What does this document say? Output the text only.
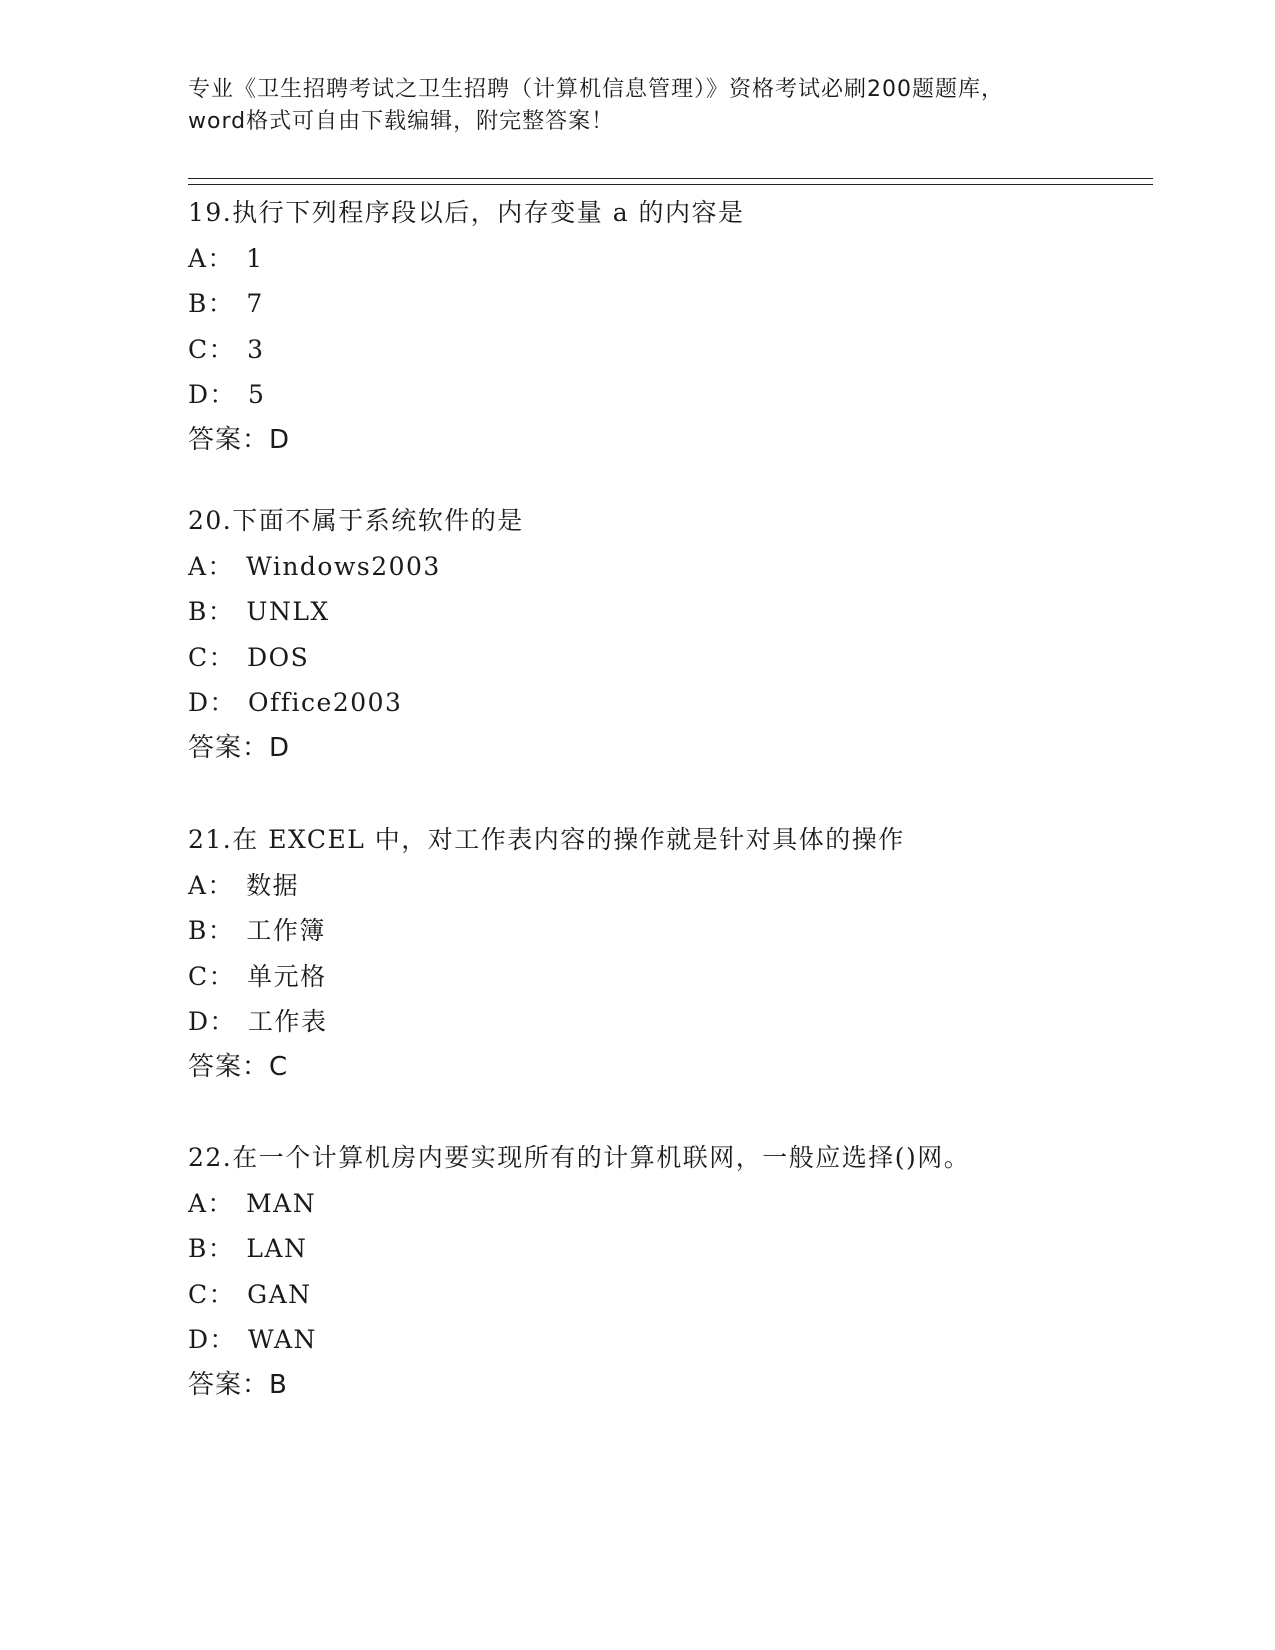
专业《卫生招聘考试之卫生招聘（计算机信息管理）》资格考试必刷200题题库，
word格式可自由下载编辑，附完整答案！
19.执行下列程序段以后，内存变量 a 的内容是
A： 1
B： 7
C： 3
D： 5
答案：D
20.下面不属于系统软件的是
A： Windows2003
B： UNLX
C： DOS
D： Office2003
答案：D
21.在 EXCEL 中，对工作表内容的操作就是针对具体的操作
A： 数据
B： 工作簿
C： 单元格
D： 工作表
答案：C
22.在一个计算机房内要实现所有的计算机联网，一般应选择()网。
A： MAN
B： LAN
C： GAN
D： WAN
答案：B
